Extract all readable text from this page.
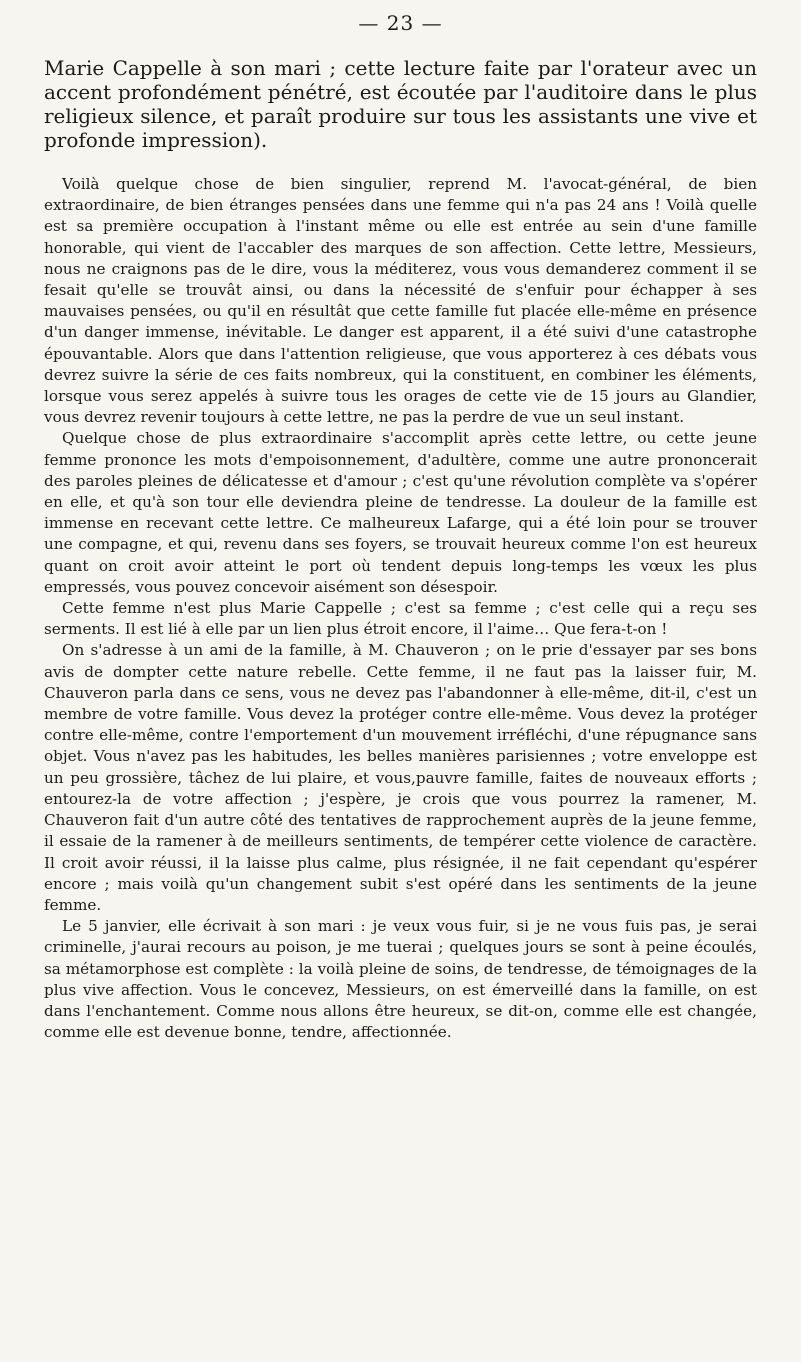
— 23 —

Marie Cappelle à son mari ; cette lecture faite par l'orateur avec un accent profondément pénétré, est écoutée par l'auditoire dans le plus religieux silence, et paraît produire sur tous les assistants une vive et profonde impression).

Voilà quelque chose de bien singulier, reprend M. l'avocat-général, de bien extraordinaire, de bien étranges pensées dans une femme qui n'a pas 24 ans ! Voilà quelle est sa première occupation à l'instant même ou elle est entrée au sein d'une famille honorable, qui vient de l'accabler des marques de son affection. Cette lettre, Messieurs, nous ne craignons pas de le dire, vous la méditerez, vous vous demanderez comment il se fesait qu'elle se trouvât ainsi, ou dans la nécessité de s'enfuir pour échapper à ses mauvaises pensées, ou qu'il en résultât que cette famille fut placée elle-même en présence d'un danger immense, inévitable. Le danger est apparent, il a été suivi d'une catastrophe épouvantable. Alors que dans l'attention religieuse, que vous apporterez à ces débats vous devrez suivre la série de ces faits nombreux, qui la constituent, en combiner les éléments, lorsque vous serez appelés à suivre tous les orages de cette vie de 15 jours au Glandier, vous devrez revenir toujours à cette lettre, ne pas la perdre de vue un seul instant.

Quelque chose de plus extraordinaire s'accomplit après cette lettre, ou cette jeune femme prononce les mots d'empoisonnement, d'adultère, comme une autre prononcerait des paroles pleines de délicatesse et d'amour ; c'est qu'une révolution complète va s'opérer en elle, et qu'à son tour elle deviendra pleine de tendresse. La douleur de la famille est immense en recevant cette lettre. Ce malheureux Lafarge, qui a été loin pour se trouver une compagne, et qui, revenu dans ses foyers, se trouvait heureux comme l'on est heureux quant on croit avoir atteint le port où tendent depuis long-temps les vœux les plus empressés, vous pouvez concevoir aisément son désespoir.

Cette femme n'est plus Marie Cappelle ; c'est sa femme ; c'est celle qui a reçu ses serments. Il est lié à elle par un lien plus étroit encore, il l'aime… Que fera-t-on !

On s'adresse à un ami de la famille, à M. Chauveron ; on le prie d'essayer par ses bons avis de dompter cette nature rebelle. Cette femme, il ne faut pas la laisser fuir, M. Chauveron parla dans ce sens, vous ne devez pas l'abandonner à elle-même, dit-il, c'est un membre de votre famille. Vous devez la protéger contre elle-même. Vous devez la protéger contre elle-même, contre l'emportement d'un mouvement irréfléchi, d'une répugnance sans objet. Vous n'avez pas les habitudes, les belles manières parisiennes ; votre enveloppe est un peu grossière, tâchez de lui plaire, et vous,pauvre famille, faites de nouveaux efforts ; entourez-la de votre affection ; j'espère, je crois que vous pourrez la ramener, M. Chauveron fait d'un autre côté des tentatives de rapprochement auprès de la jeune femme, il essaie de la ramener à de meilleurs sentiments, de tempérer cette violence de caractère. Il croit avoir réussi, il la laisse plus calme, plus résignée, il ne fait cependant qu'espérer encore ; mais voilà qu'un changement subit s'est opéré dans les sentiments de la jeune femme.

Le 5 janvier, elle écrivait à son mari : je veux vous fuir, si je ne vous fuis pas, je serai criminelle, j'aurai recours au poison, je me tuerai ; quelques jours se sont à peine écoulés, sa métamorphose est complète : la voilà pleine de soins, de tendresse, de témoignages de la plus vive affection. Vous le concevez, Messieurs, on est émerveillé dans la famille, on est dans l'enchantement. Comme nous allons être heureux, se dit-on, comme elle est changée, comme elle est devenue bonne, tendre, affectionnée.
